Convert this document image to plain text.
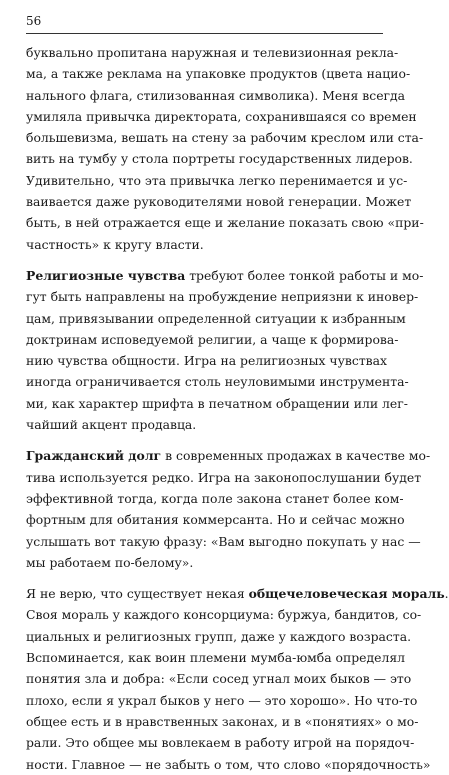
56

буквально пропитана наружная и телевизионная рекла-
ма, а также реклама на упаковке продуктов (цвета нацио-
нального флага, стилизованная символика). Меня всегда
умиляла привычка директората, сохранившаяся со времен
большевизма, вешать на стену за рабочим креслом или ста-
вить на тумбу у стола портреты государственных лидеров.
Удивительно, что эта привычка легко перенимается и ус-
ваивается даже руководителями новой генерации. Может
быть, в ней отражается еще и желание показать свою «при-
частность» к кругу власти.

Религиозные чувства требуют более тонкой работы и мо-
гут быть направлены на пробуждение неприязни к иновер-
цам, привязывании определенной ситуации к избранным
доктринам исповедуемой религии, а чаще к формирова-
нию чувства общности. Игра на религиозных чувствах
иногда ограничивается столь неуловимыми инструмента-
ми, как характер шрифта в печатном обращении или лег-
чайший акцент продавца.

Гражданский долг в современных продажах в качестве мо-
тива используется редко. Игра на законопослушании будет
эффективной тогда, когда поле закона станет более ком-
фортным для обитания коммерсанта. Но и сейчас можно
услышать вот такую фразу: «Вам выгодно покупать у нас —
мы работаем по-белому».

Я не верю, что существует некая общечеловеческая мораль.
Своя мораль у каждого консорциума: буржуа, бандитов, со-
циальных и религиозных групп, даже у каждого возраста.
Вспоминается, как воин племени мумба-юмба определял
понятия зла и добра: «Если сосед угнал моих быков — это
плохо, если я украл быков у него — это хорошо». Но что-то
общее есть и в нравственных законах, и в «понятиях» о мо-
рали. Это общее мы вовлекаем в работу игрой на порядоч-
ности. Главное — не забыть о том, что слово «порядочность»
